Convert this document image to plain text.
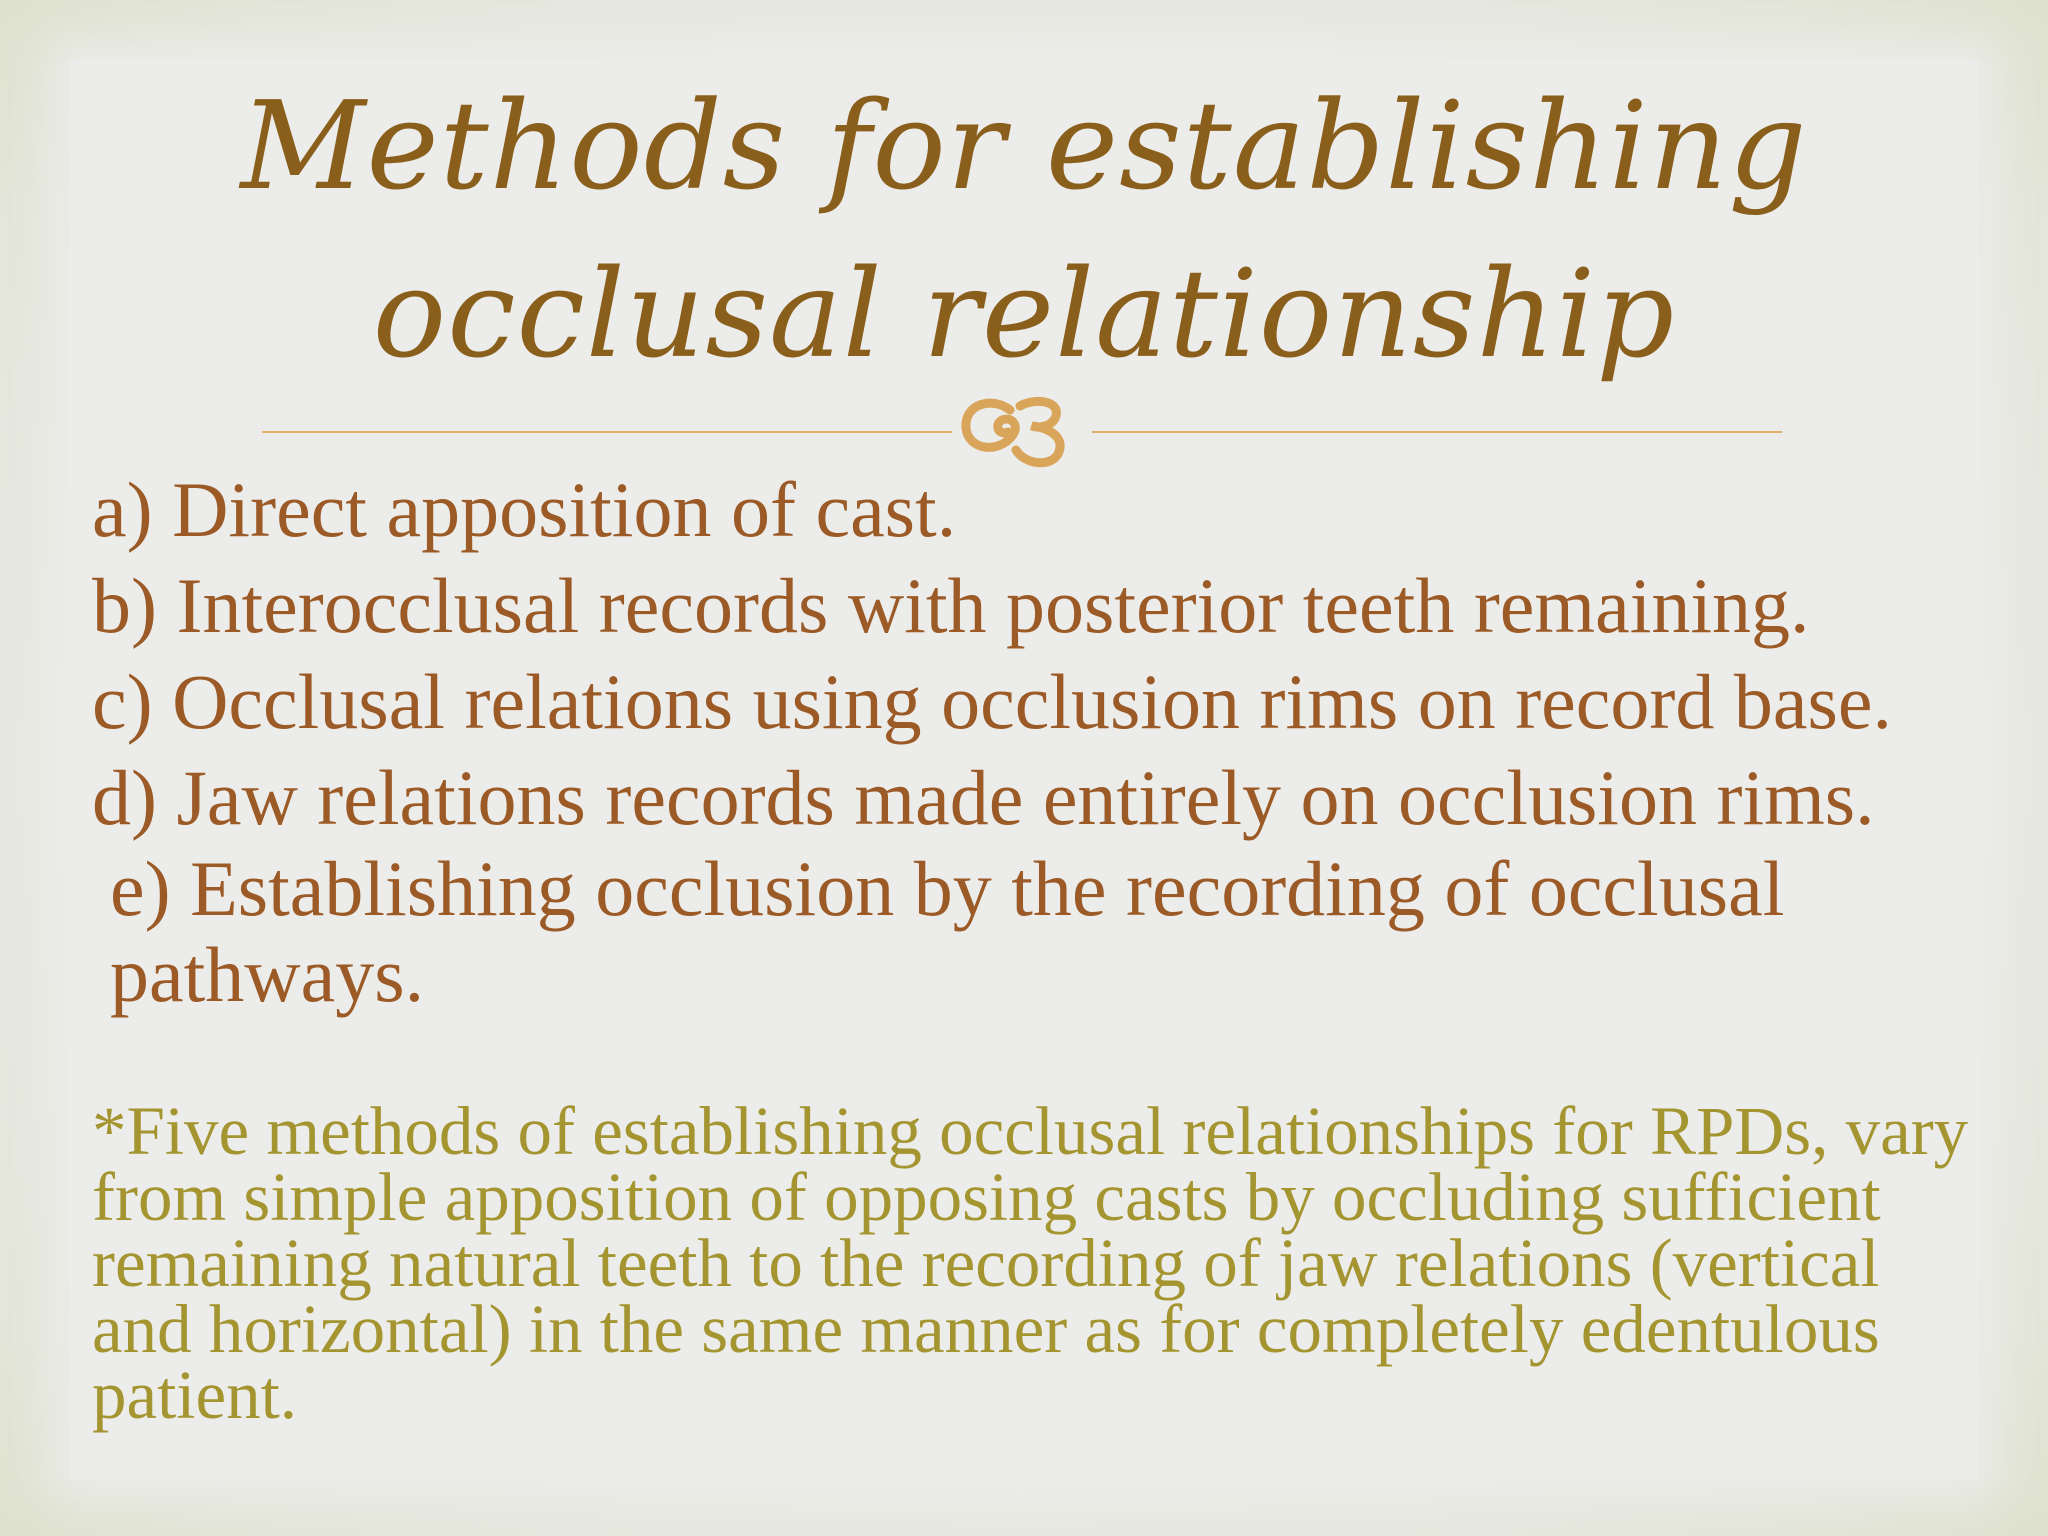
Methods for establishing
occlusal relationship
a) Direct apposition of cast.
b) Interocclusal records with posterior teeth remaining.
c) Occlusal relations using occlusion rims on record base.
d) Jaw relations records made entirely on occlusion rims.
e) Establishing occlusion by the recording of occlusal pathways.
*Five methods of establishing occlusal relationships for RPDs, vary from simple apposition of opposing casts by occluding sufficient remaining natural teeth to the recording of jaw relations (vertical and horizontal) in the same manner as for completely edentulous patient.
